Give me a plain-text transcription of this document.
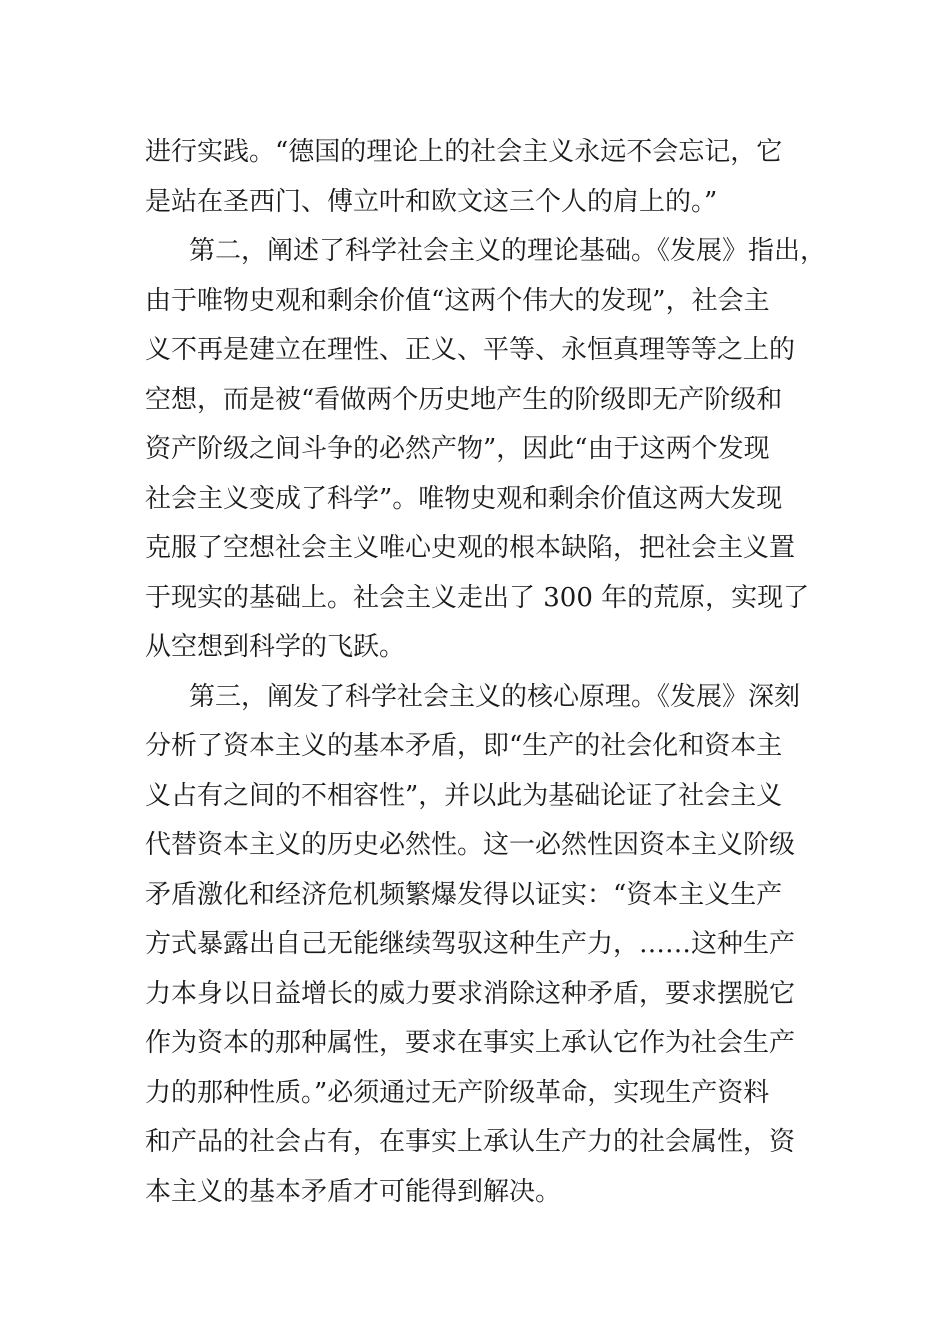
进行实践。“德国的理论上的社会主义永远不会忘记，它
是站在圣西门、傅立叶和欧文这三个人的肩上的。”
第二，阐述了科学社会主义的理论基础。《发展》指出，
由于唯物史观和剩余价值“这两个伟大的发现”，社会主
义不再是建立在理性、正义、平等、永恒真理等等之上的
空想，而是被“看做两个历史地产生的阶级即无产阶级和
资产阶级之间斗争的必然产物”，因此“由于这两个发现
社会主义变成了科学”。唯物史观和剩余价值这两大发现
克服了空想社会主义唯心史观的根本缺陷，把社会主义置
于现实的基础上。社会主义走出了 300 年的荒原，实现了
从空想到科学的飞跃。
第三，阐发了科学社会主义的核心原理。《发展》深刻
分析了资本主义的基本矛盾，即“生产的社会化和资本主
义占有之间的不相容性”，并以此为基础论证了社会主义
代替资本主义的历史必然性。这一必然性因资本主义阶级
矛盾激化和经济危机频繁爆发得以证实：“资本主义生产
方式暴露出自己无能继续驾驭这种生产力，……这种生产
力本身以日益增长的威力要求消除这种矛盾，要求摆脱它
作为资本的那种属性，要求在事实上承认它作为社会生产
力的那种性质。”必须通过无产阶级革命，实现生产资料
和产品的社会占有，在事实上承认生产力的社会属性，资
本主义的基本矛盾才可能得到解决。
